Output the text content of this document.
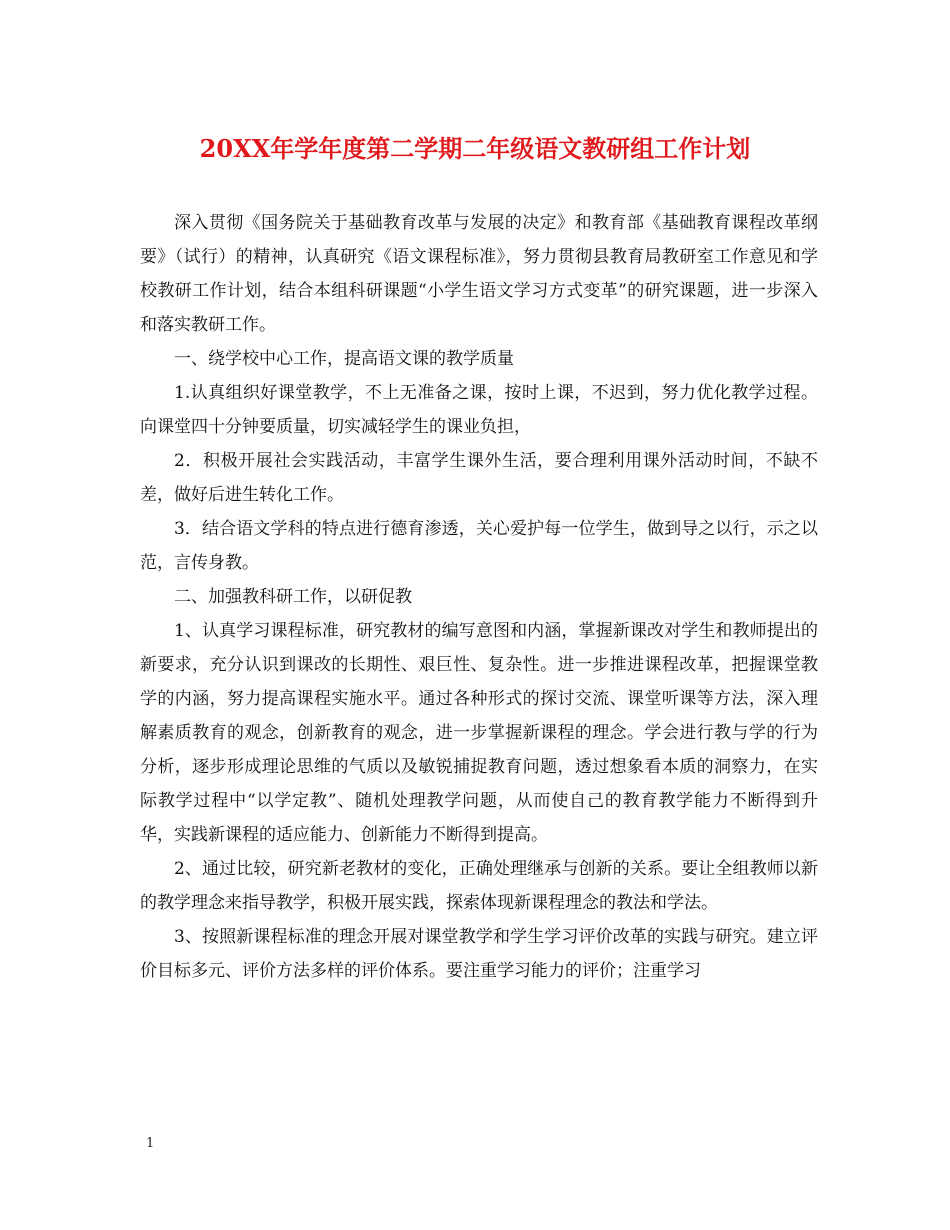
20XX年学年度第二学期二年级语文教研组工作计划

深入贯彻《国务院关于基础教育改革与发展的决定》和教育部《基础教育课程改革纲要》（试行）的精神，认真研究《语文课程标准》，努力贯彻县教育局教研室工作意见和学校教研工作计划，结合本组科研课题“小学生语文学习方式变革”的研究课题，进一步深入和落实教研工作。

一、绕学校中心工作，提高语文课的教学质量

1.认真组织好课堂教学，不上无准备之课，按时上课，不迟到，努力优化教学过程。向课堂四十分钟要质量，切实减轻学生的课业负担，

2．积极开展社会实践活动，丰富学生课外生活，要合理利用课外活动时间，不缺不差，做好后进生转化工作。

3．结合语文学科的特点进行德育渗透，关心爱护每一位学生，做到导之以行，示之以范，言传身教。

二、加强教科研工作，以研促教

1、认真学习课程标准，研究教材的编写意图和内涵，掌握新课改对学生和教师提出的新要求，充分认识到课改的长期性、艰巨性、复杂性。进一步推进课程改革，把握课堂教学的内涵，努力提高课程实施水平。通过各种形式的探讨交流、课堂听课等方法，深入理解素质教育的观念，创新教育的观念，进一步掌握新课程的理念。学会进行教与学的行为分析，逐步形成理论思维的气质以及敏锐捕捉教育问题，透过想象看本质的洞察力，在实际教学过程中“以学定教”、随机处理教学问题，从而使自己的教育教学能力不断得到升华，实践新课程的适应能力、创新能力不断得到提高。

2、通过比较，研究新老教材的变化，正确处理继承与创新的关系。要让全组教师以新的教学理念来指导教学，积极开展实践，探索体现新课程理念的教法和学法。

3、按照新课程标准的理念开展对课堂教学和学生学习评价改革的实践与研究。建立评价目标多元、评价方法多样的评价体系。要注重学习能力的评价；注重学习

1
